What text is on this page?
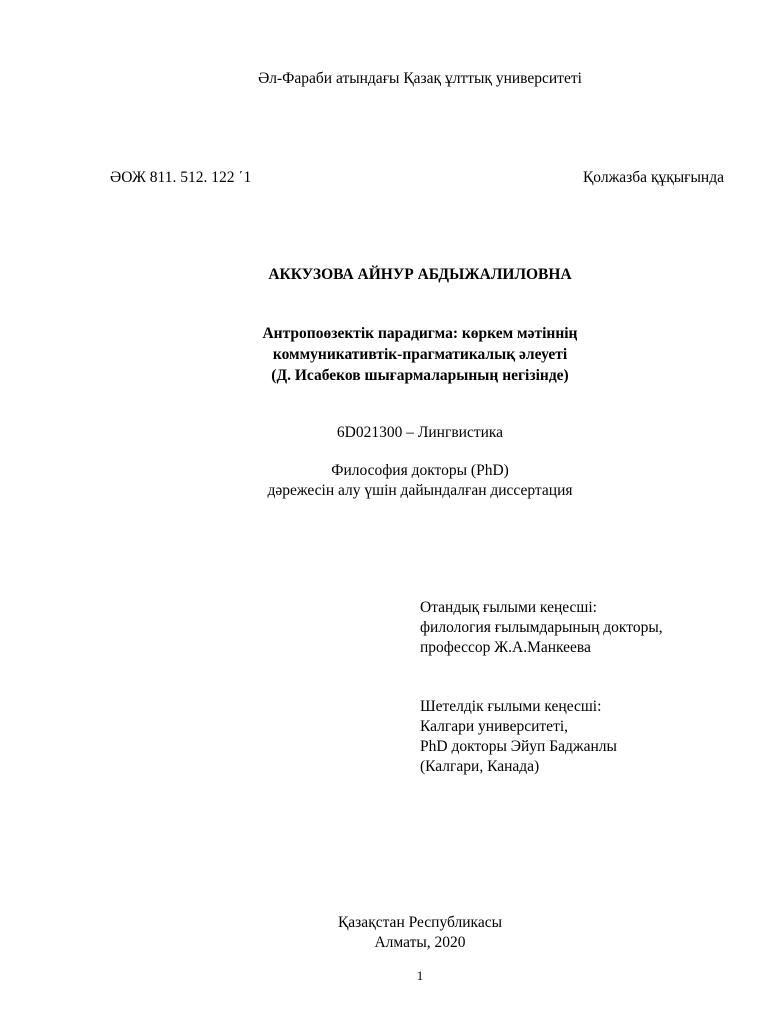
Әл-Фараби атындағы Қазақ ұлттық университеті
ӘОЖ 811. 512. 122 ΄1	Қолжазба құқығында
АККУЗОВА АЙНУР АБДЫЖАЛИЛОВНА
Антропоөзектік парадигма: көркем мәтіннің
коммуникативтік-прагматикалық әлеуеті
(Д. Исабеков шығармаларының негізінде)
6D021300 – Лингвистика
Философия докторы (PhD)
дәрежесін алу үшін дайындалған диссертация
Отандық ғылыми кеңесші:
филология ғылымдарының докторы,
профессор Ж.А.Манкеева
Шетелдік ғылыми кеңесші:
Калгари университеті,
PhD докторы Эйуп Баджанлы
(Калгари, Канада)
Қазақстан Республикасы
Алматы, 2020
1
